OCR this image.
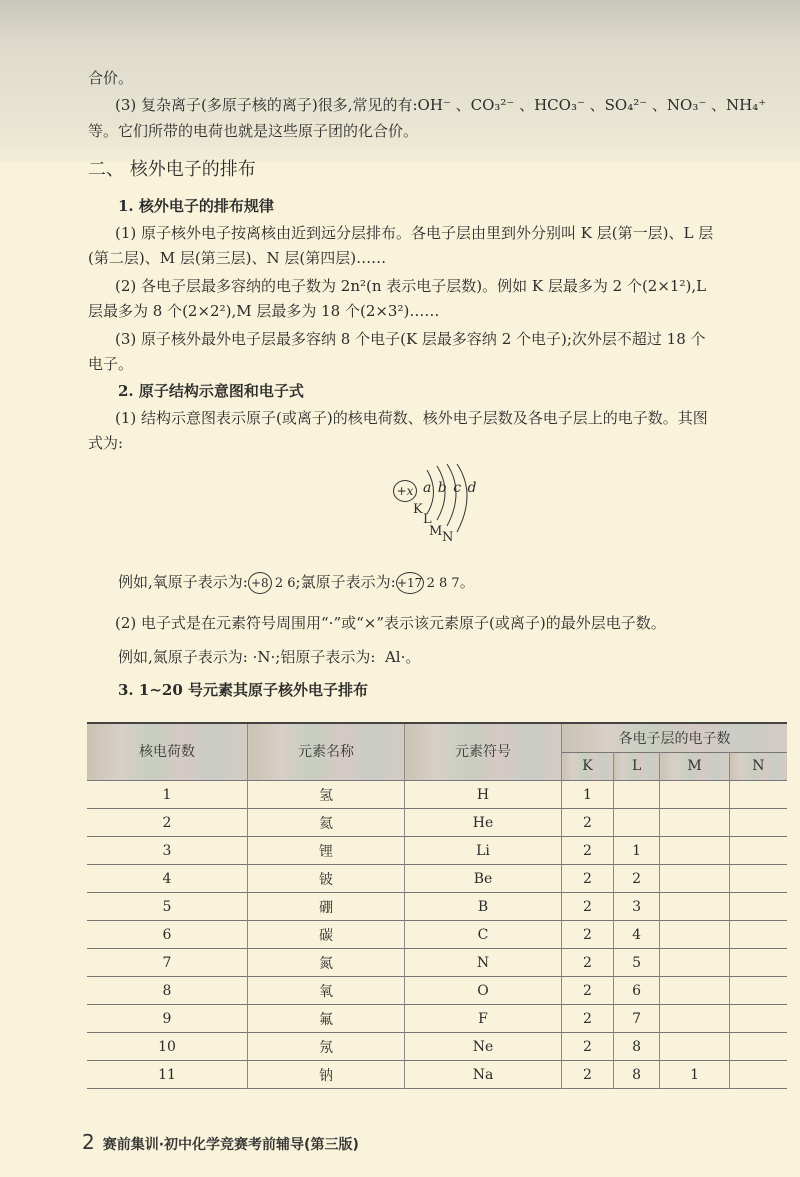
合价。
(3) 复杂离子(多原子核的离子)很多,常见的有:OH⁻ 、CO₃²⁻ 、HCO₃⁻ 、SO₄²⁻ 、NO₃⁻ 、NH₄⁺
等。它们所带的电荷也就是这些原子团的化合价。
二、 核外电子的排布
1. 核外电子的排布规律
(1) 原子核外电子按离核由近到远分层排布。各电子层由里到外分别叫 K 层(第一层)、L 层
(第二层)、M 层(第三层)、N 层(第四层)……
(2) 各电子层最多容纳的电子数为 2n²(n 表示电子层数)。例如 K 层最多为 2 个(2×1²),L
层最多为 8 个(2×2²),M 层最多为 18 个(2×3²)……
(3) 原子核外最外电子层最多容纳 8 个电子(K 层最多容纳 2 个电子);次外层不超过 18 个
电子。
2. 原子结构示意图和电子式
(1) 结构示意图表示原子(或离子)的核电荷数、核外电子层数及各电子层上的电子数。其图
式为:
+x a b c d
K
L
M N
例如,氧原子表示为: +8  2 6;氯原子表示为:+17  2 8 7。
(2) 电子式是在元素符号周围用“·”或“×”表示该元素原子(或离子)的最外层电子数。
例如,氮原子表示为: ·N·;铝原子表示为: Al·。
3. 1~20 号元素其原子核外电子排布
核电荷数	元素名称	元素符号	各电子层的电子数			
			K	L	M	N
1	氢	H	1			
2	氦	He	2			
3	锂	Li	2	1		
4	铍	Be	2	2		
5	硼	B	2	3		
6	碳	C	2	4		
7	氮	N	2	5		
8	氧	O	2	6		
9	氟	F	2	7		
10	氖	Ne	2	8		
11	钠	Na	2	8	1	
2 赛前集训·初中化学竞赛考前辅导(第三版)
